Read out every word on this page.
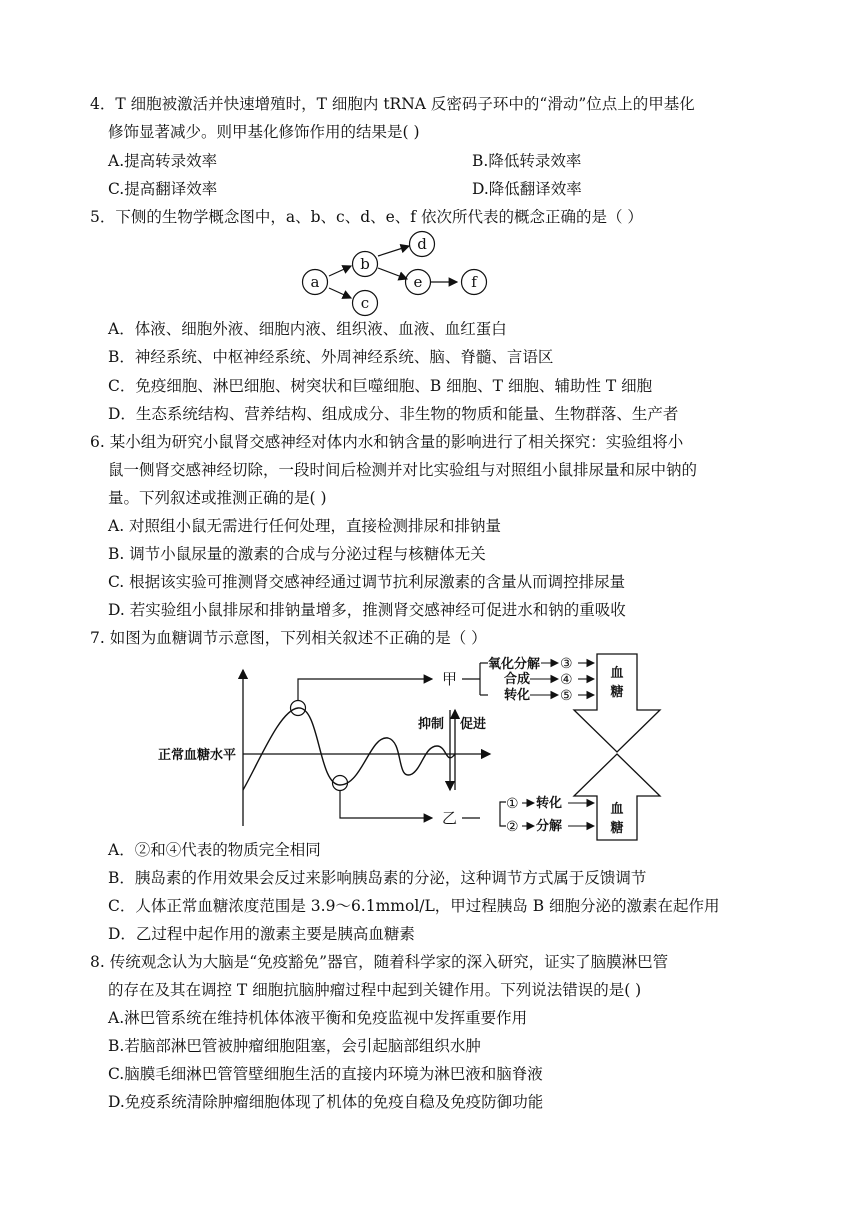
4．T 细胞被激活并快速增殖时，T 细胞内 tRNA 反密码子环中的“滑动”位点上的甲基化
修饰显著减少。则甲基化修饰作用的结果是( )
A.提高转录效率	B.降低转录效率
C.提高翻译效率	D.降低翻译效率
5．下侧的生物学概念图中，a、b、c、d、e、f 依次所代表的概念正确的是（ ）
a
b
c
d
e	f
A．体液、细胞外液、细胞内液、组织液、血液、血红蛋白
B．神经系统、中枢神经系统、外周神经系统、脑、脊髓、言语区
C．免疫细胞、淋巴细胞、树突状和巨噬细胞、B 细胞、T 细胞、辅助性 T 细胞
D．生态系统结构、营养结构、组成成分、非生物的物质和能量、生物群落、生产者
6. 某小组为研究小鼠肾交感神经对体内水和钠含量的影响进行了相关探究：实验组将小
鼠一侧肾交感神经切除，一段时间后检测并对比实验组与对照组小鼠排尿量和尿中钠的
量。下列叙述或推测正确的是( )
A. 对照组小鼠无需进行任何处理，直接检测排尿和排钠量
B. 调节小鼠尿量的激素的合成与分泌过程与核糖体无关
C. 根据该实验可推测肾交感神经通过调节抗利尿激素的含量从而调控排尿量
D. 若实验组小鼠排尿和排钠量增多，推测肾交感神经可促进水和钠的重吸收
7. 如图为血糖调节示意图，下列相关叙述不正确的是（ ）
正常血糖水平
甲
乙
氧化分解
合成
转化
③
④
⑤
血
糖
血
糖
①
②
转化
分解
抑制 促进
A．②和④代表的物质完全相同
B．胰岛素的作用效果会反过来影响胰岛素的分泌，这种调节方式属于反馈调节
C．人体正常血糖浓度范围是 3.9～6.1mmol/L，甲过程胰岛 B 细胞分泌的激素在起作用
D．乙过程中起作用的激素主要是胰高血糖素
8. 传统观念认为大脑是“免疫豁免”器官，随着科学家的深入研究，证实了脑膜淋巴管
的存在及其在调控 T 细胞抗脑肿瘤过程中起到关键作用。下列说法错误的是( )
A.淋巴管系统在维持机体体液平衡和免疫监视中发挥重要作用
B.若脑部淋巴管被肿瘤细胞阻塞，会引起脑部组织水肿
C.脑膜毛细淋巴管管壁细胞生活的直接内环境为淋巴液和脑脊液
D.免疫系统清除肿瘤细胞体现了机体的免疫自稳及免疫防御功能
